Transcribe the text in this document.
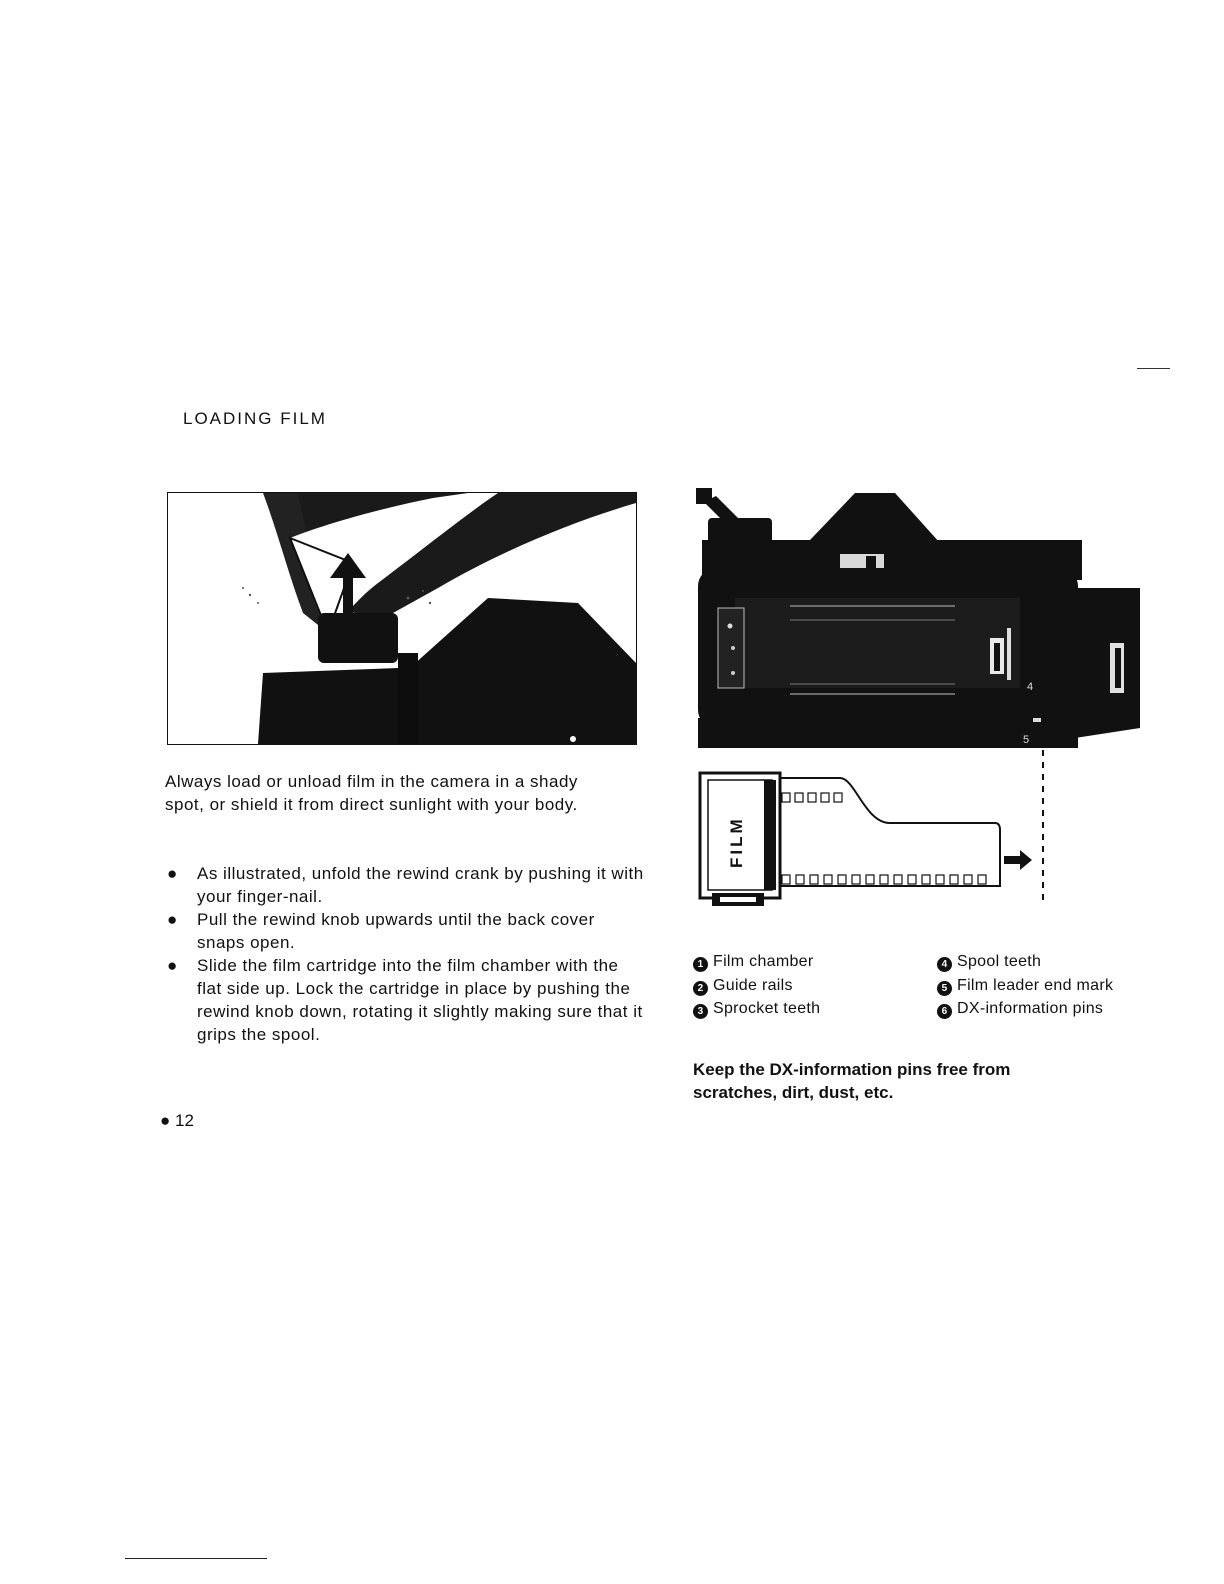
LOADING FILM
4
5
FILM
Always load or unload film in the camera in a shady spot, or shield it from direct sunlight with your body.
● As illustrated, unfold the rewind crank by pushing it with your finger-nail.
● Pull the rewind knob upwards until the back cover snaps open.
● Slide the film cartridge into the film chamber with the flat side up. Lock the cartridge in place by pushing the rewind knob down, rotating it slightly making sure that it grips the spool.
1 Film chamber
2 Guide rails
3 Sprocket teeth
4 Spool teeth
5 Film leader end mark
6 DX-information pins
Keep the DX-information pins free from scratches, dirt, dust, etc.
● 12
